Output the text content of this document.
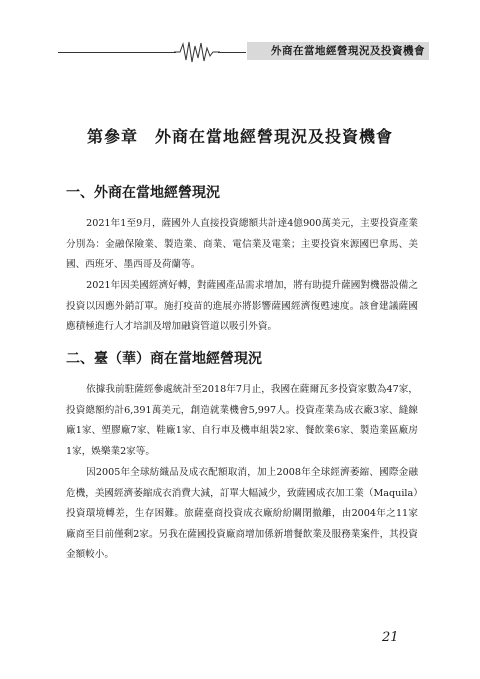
外商在當地經營現況及投資機會
第參章　外商在當地經營現況及投資機會
一、外商在當地經營現況

2021年1至9月，薩國外人直接投資總額共計達4億900萬美元，主要投資產業分別為：金融保險業、製造業、商業、電信業及電業；主要投資來源國巴拿馬、美國、西班牙、墨西哥及荷蘭等。

2021年因美國經濟好轉，對薩國產品需求增加，將有助提升薩國對機器設備之投資以因應外銷訂單。施打疫苗的進展亦將影響薩國經濟復甦速度。該會建議薩國應積極進行人才培訓及增加融資管道以吸引外資。

二、臺（華）商在當地經營現況

依據我前駐薩經參處統計至2018年7月止，我國在薩爾瓦多投資家數為47家，投資總額約計6,391萬美元，創造就業機會5,997人。投資產業為成衣廠3家、縫線廠1家、塑膠廠7家、鞋廠1家、自行車及機車組裝2家、餐飲業6家、製造業區廠房1家，娛樂業2家等。

因2005年全球紡織品及成衣配額取消，加上2008年全球經濟萎縮、國際金融危機，美國經濟萎縮成衣消費大減，訂單大幅減少，致薩國成衣加工業（Maquila）投資環境轉差，生存困難。旅薩臺商投資成衣廠紛紛關閉撤離，由2004年之11家廠商至目前僅剩2家。另我在薩國投資廠商增加係新增餐飲業及服務業案件，其投資金額較小。

21
